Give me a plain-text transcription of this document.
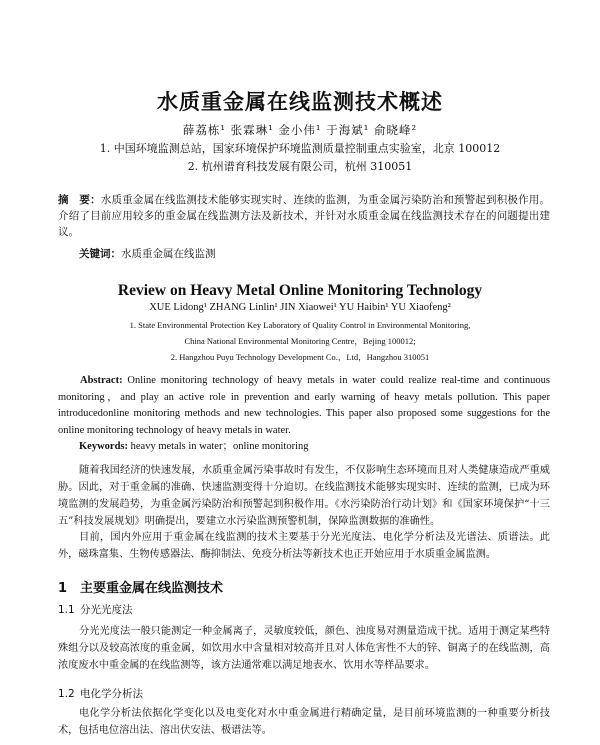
水质重金属在线监测技术概述
薛荔栋¹ 张霖琳¹ 金小伟¹ 于海斌¹ 俞晓峰²
1. 中国环境监测总站，国家环境保护环境监测质量控制重点实验室，北京 100012
2. 杭州谱育科技发展有限公司，杭州 310051
摘　要：水质重金属在线监测技术能够实现实时、连续的监测，为重金属污染防治和预警起到积极作用。介绍了目前应用较多的重金属在线监测方法及新技术，并针对水质重金属在线监测技术存在的问题提出建议。
关键词：水质重金属在线监测
Review on Heavy Metal Online Monitoring Technology
XUE Lidong¹ ZHANG Linlin¹ JIN Xiaowei¹ YU Haibin¹ YU Xiaofeng²
1. State Environmental Protection Key Laboratory of Quality Control in Environmental Monitoring,
China National Environmental Monitoring Centre，Bejing 100012;
2. Hangzhou Puyu Technology Development Co.，Ltd，Hangzhou 310051
Abstract: Online monitoring technology of heavy metals in water could realize real-time and continuous monitoring，and play an active role in prevention and early warning of heavy metals pollution. This paper introducedonline monitoring methods and new technologies. This paper also proposed some suggestions for the online monitoring technology of heavy metals in water.
Keywords: heavy metals in water；online monitoring
随着我国经济的快速发展，水质重金属污染事故时有发生，不仅影响生态环境而且对人类健康造成严重威胁。因此，对于重金属的准确、快速监测变得十分迫切。在线监测技术能够实现实时、连续的监测，已成为环境监测的发展趋势，为重金属污染防治和预警起到积极作用。《水污染防治行动计划》和《国家环境保护“十三五”科技发展规划》明确提出，要建立水污染监测预警机制，保障监测数据的准确性。
目前，国内外应用于重金属在线监测的技术主要基于分光光度法、电化学分析法及光谱法、质谱法。此外，磁珠富集、生物传感器法、酶抑制法、免疫分析法等新技术也正开始应用于水质重金属监测。
1 主要重金属在线监测技术
1.1 分光光度法
分光光度法一般只能测定一种金属离子，灵敏度较低，颜色、浊度易对测量造成干扰。适用于测定某些特殊组分以及较高浓度的重金属，如饮用水中含量相对较高并且对人体危害性不大的锌、铜离子的在线监测，高浓度废水中重金属的在线监测等，该方法通常难以满足地表水、饮用水等样品要求。
1.2 电化学分析法
电化学分析法依据化学变化以及电变化对水中重金属进行精确定量，是目前环境监测的一种重要分析技术，包括电位溶出法、溶出伏安法、极谱法等。
